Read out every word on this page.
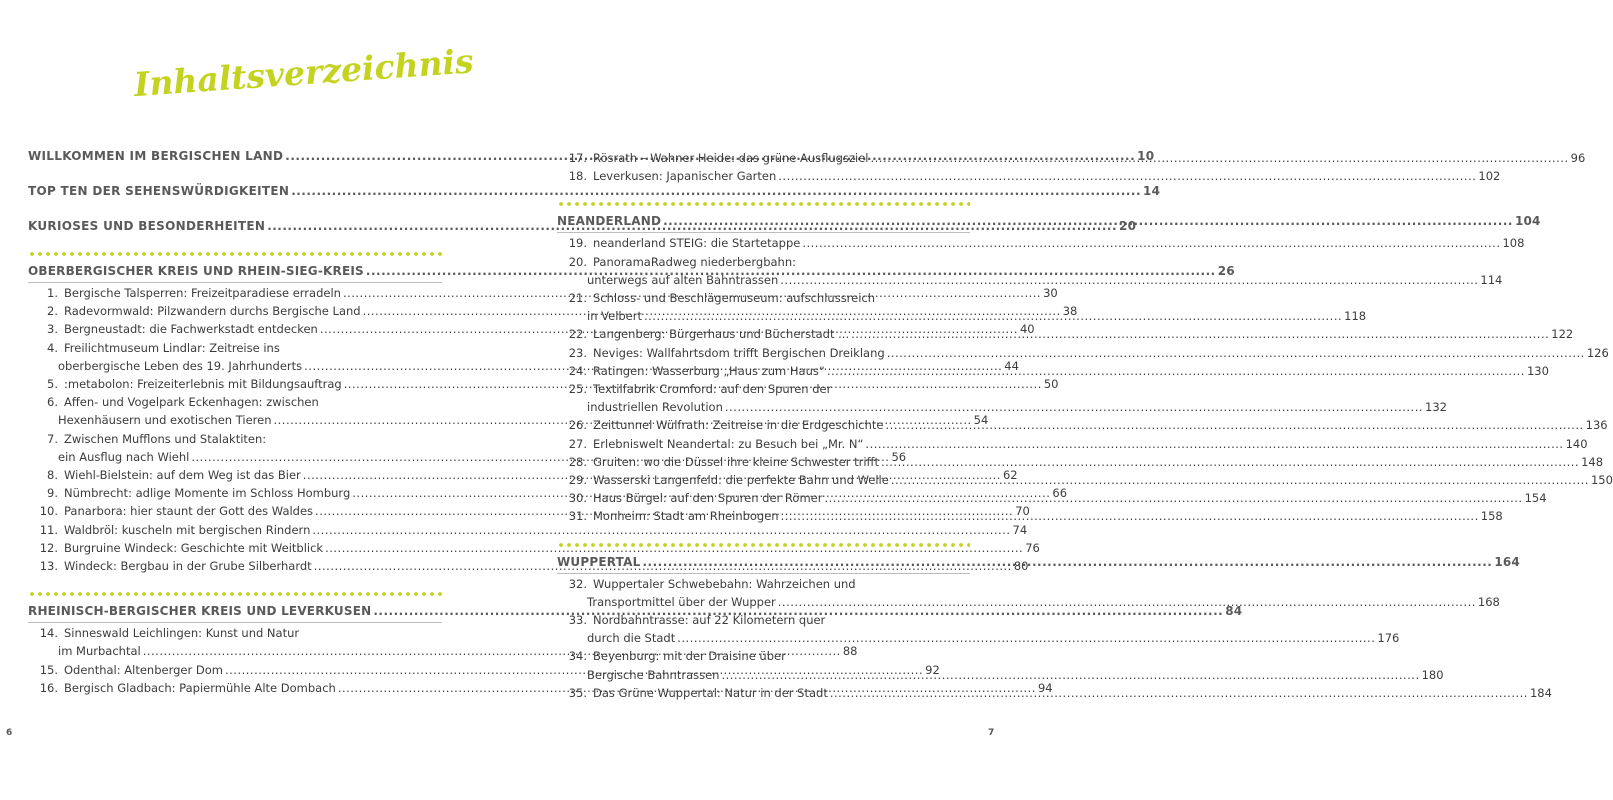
Inhaltsverzeichnis
WILLKOMMEN IM BERGISCHEN LAND .....	10
TOP TEN DER SEHENSWÜRDIGKEITEN .....	14
KURIOSES UND BESONDERHEITEN .....	20
OBERBERGISCHER KREIS UND RHEIN-SIEG-KREIS .....	26
1. Bergische Talsperren: Freizeitparadiese erradeln .....	30
2. Radevormwald: Pilzwandern durchs Bergische Land .....	38
3. Bergneustadt: die Fachwerkstadt entdecken .....	40
4. Freilichtmuseum Lindlar: Zeitreise ins
oberbergische Leben des 19. Jahrhunderts .....	44
5. :metabolon: Freizeiterlebnis mit Bildungsauftrag .....	50
6. Affen- und Vogelpark Eckenhagen: zwischen
Hexenhäusern und exotischen Tieren .....	54
7. Zwischen Mufflons und Stalaktiten:
ein Ausflug nach Wiehl .....	56
8. Wiehl-Bielstein: auf dem Weg ist das Bier .....	62
9. Nümbrecht: adlige Momente im Schloss Homburg .....	66
10. Panarbora: hier staunt der Gott des Waldes .....	70
11. Waldbröl: kuscheln mit bergischen Rindern .....	74
12. Burgruine Windeck: Geschichte mit Weitblick .....	76
13. Windeck: Bergbau in der Grube Silberhardt .....	80
RHEINISCH-BERGISCHER KREIS UND LEVERKUSEN .....	84
14. Sinneswald Leichlingen: Kunst und Natur
im Murbachtal .....	88
15. Odenthal: Altenberger Dom .....	92
16. Bergisch Gladbach: Papiermühle Alte Dombach .....	94
17. Rösrath – Wahner Heide: das grüne Ausflugsziel .....	96
18. Leverkusen: Japanischer Garten .....	102
NEANDERLAND .....	104
19. neanderland STEIG: die Startetappe .....	108
20. PanoramaRadweg niederbergbahn:
unterwegs auf alten Bahntrassen .....	114
21. Schloss- und Beschlägemuseum: aufschlussreich
in Velbert .....	118
22. Langenberg: Bürgerhaus und Bücherstadt ... .....	122
23. Neviges: Wallfahrtsdom trifft Bergischen Dreiklang .....	126
24. Ratingen: Wasserburg „Haus zum Haus“ .....	130
25. Textilfabrik Cromford: auf den Spuren der
industriellen Revolution .....	132
26. Zeittunnel Wülfrath: Zeitreise in die Erdgeschichte .....	136
27. Erlebniswelt Neandertal: zu Besuch bei „Mr. N“ .....	140
28. Gruiten: wo die Düssel ihre kleine Schwester trifft .....	148
29. Wasserski Langenfeld: die perfekte Bahn und Welle .....	150
30. Haus Bürgel: auf den Spuren der Römer .....	154
31. Monheim: Stadt am Rheinbogen .....	158
WUPPERTAL .....	164
32. Wuppertaler Schwebebahn: Wahrzeichen und
Transportmittel über der Wupper .....	168
33. Nordbahntrasse: auf 22 Kilometern quer
durch die Stadt .....	176
34. Beyenburg: mit der Draisine über
Bergische Bahntrassen .....	180
35. Das Grüne Wuppertal: Natur in der Stadt .....	184
6	7
